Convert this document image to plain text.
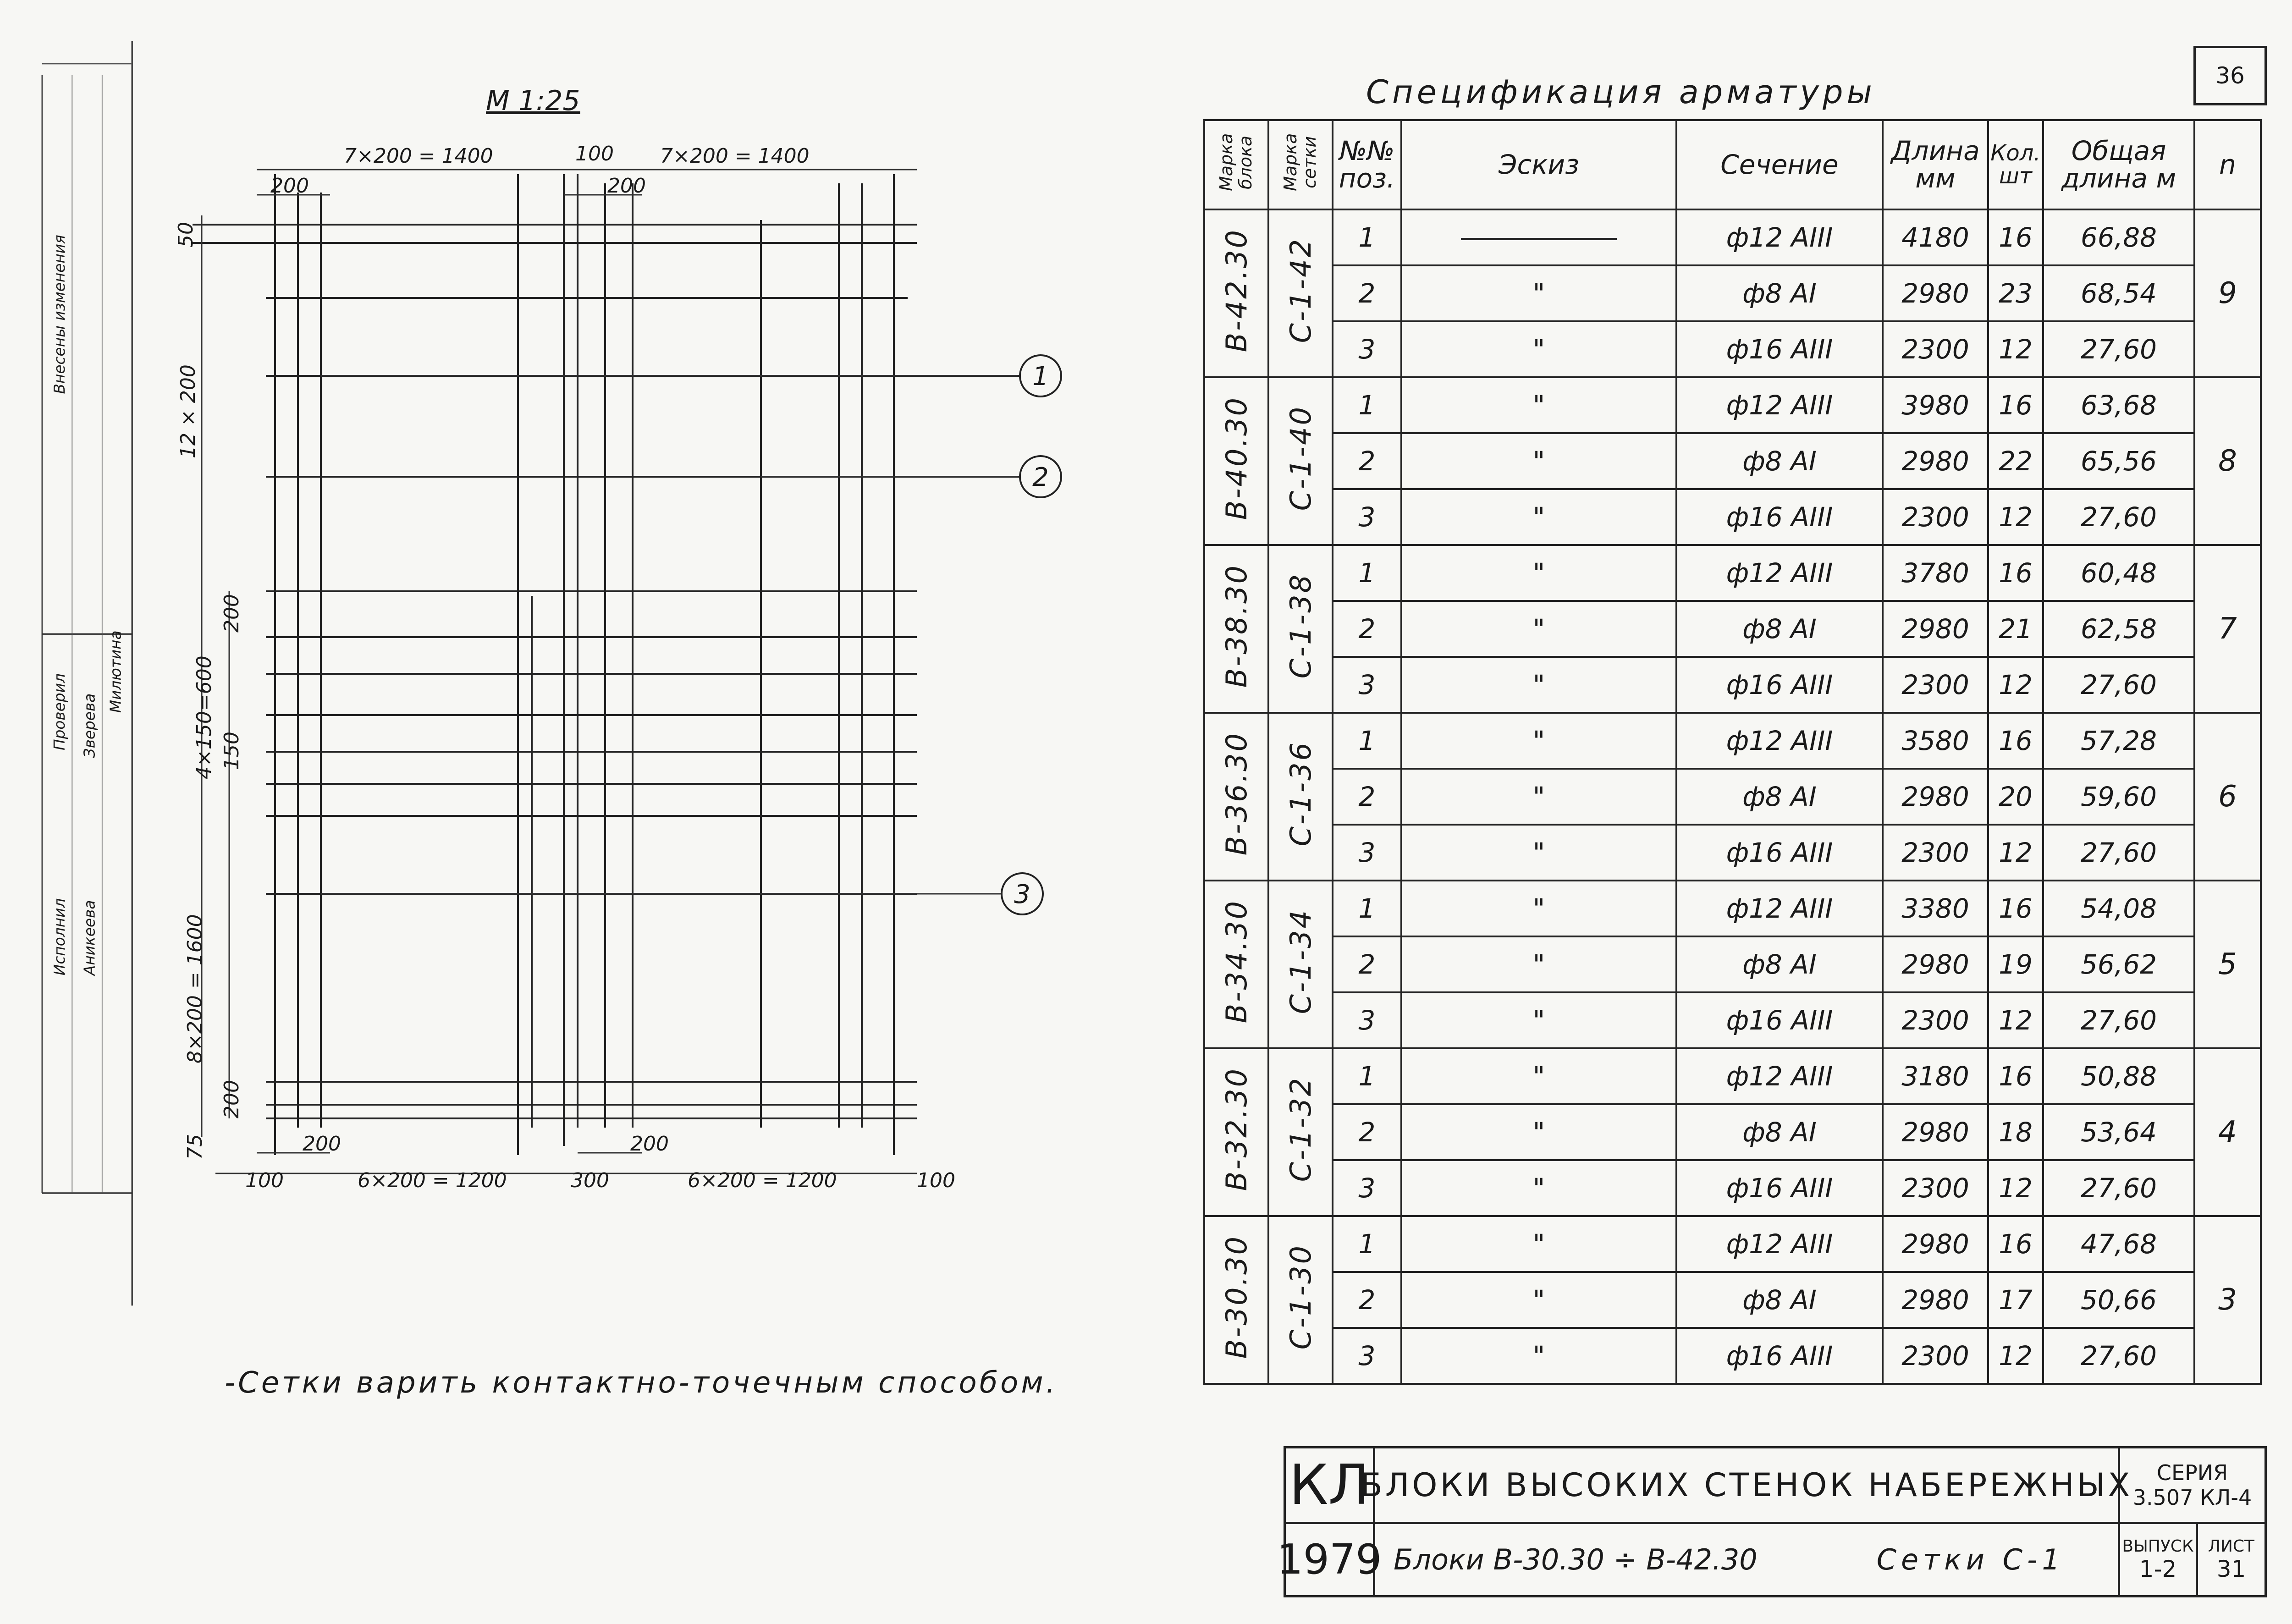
36
Внесены изменения
Проверил Зверева
Милютина
Исполнил Аникеева
М 1:25
7×200 = 1400	100 7×200 = 1400
200	200
50
12 × 200
200
4×150=600 150
8×200 = 1600
200
75
100	6×200 = 1200	300	6×200 = 1200	100
200	200
1
2
3
-Сетки варить контактно-точечным способом.
Спецификация арматуры
Марка блока	Марка сетки	№№ поз.	Эскиз	Сечение	Длина мм	Кол. шт	Общая длина м	n
В-42.30	С-1-42	1		ф12 АIII	4180	16	66,88	9
		2	"	ф8 АI	2980	23	68,54	
		3	"	ф16 АIII	2300	12	27,60	
В-40.30	С-1-40	1	"	ф12 АIII	3980	16	63,68	8
		2	"	ф8 АI	2980	22	65,56	
		3	"	ф16 АIII	2300	12	27,60	
В-38.30	С-1-38	1	"	ф12 АIII	3780	16	60,48	7
		2	"	ф8 АI	2980	21	62,58	
		3	"	ф16 АIII	2300	12	27,60	
В-36.30	С-1-36	1	"	ф12 АIII	3580	16	57,28	6
		2	"	ф8 АI	2980	20	59,60	
		3	"	ф16 АIII	2300	12	27,60	
В-34.30	С-1-34	1	"	ф12 АIII	3380	16	54,08	5
		2	"	ф8 АI	2980	19	56,62	
		3	"	ф16 АIII	2300	12	27,60	
В-32.30	С-1-32	1	"	ф12 АIII	3180	16	50,88	4
		2	"	ф8 АI	2980	18	53,64	
		3	"	ф16 АIII	2300	12	27,60	
В-30.30	С-1-30	1	"	ф12 АIII	2980	16	47,68	3
		2	"	ф8 АI	2980	17	50,66	
		3	"	ф16 АIII	2300	12	27,60	
КЛ
1979
БЛОКИ ВЫСОКИХ СТЕНОК НАБЕРЕЖНЫХ
Блоки В-30.30 ÷ В-42.30	Сетки С-1
СЕРИЯ
3.507 КЛ-4
ВЫПУСК
1-2
ЛИСТ
31
